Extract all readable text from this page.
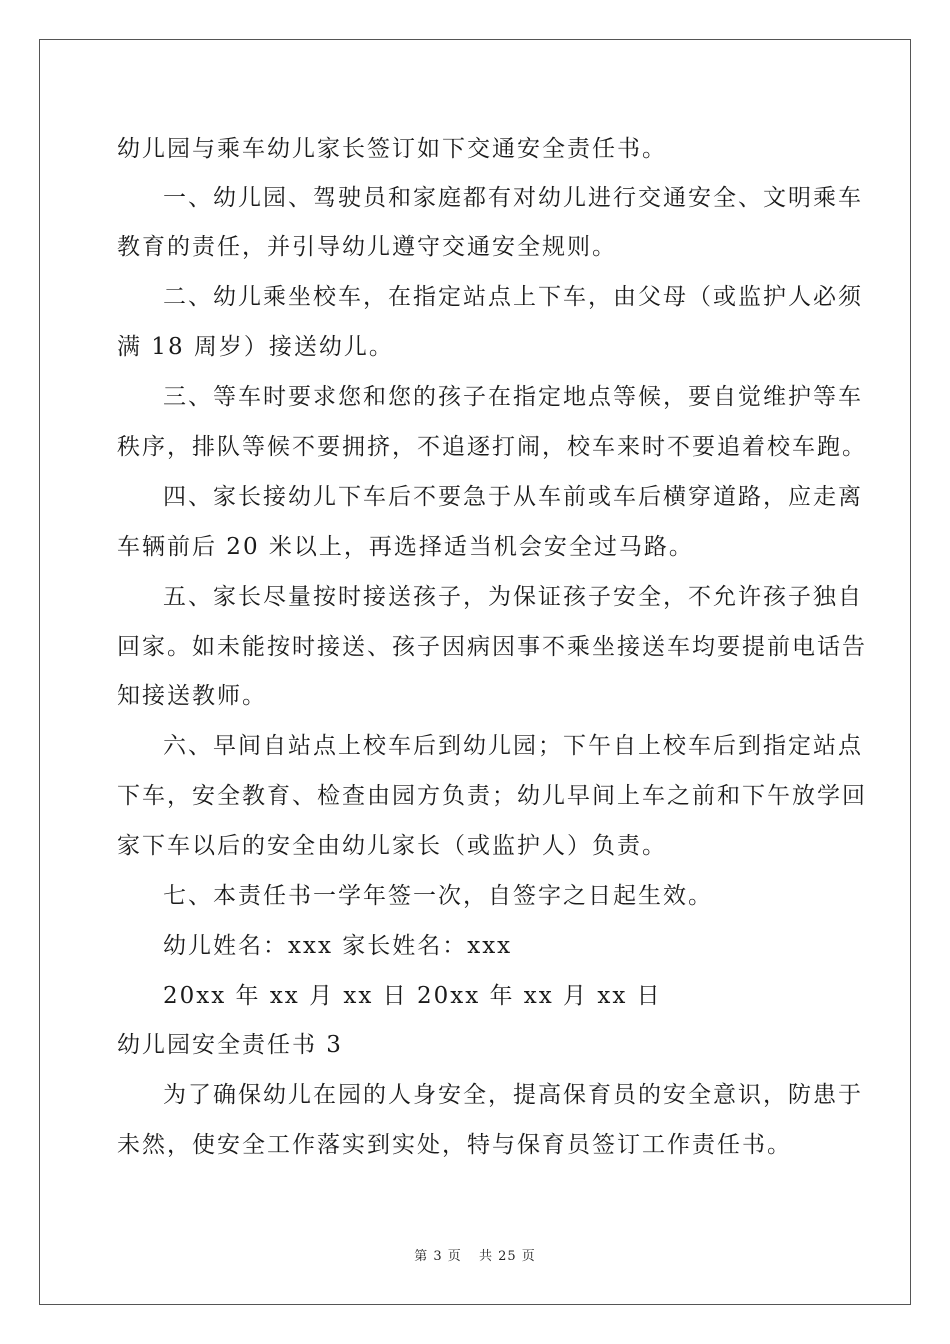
幼儿园与乘车幼儿家长签订如下交通安全责任书。
一、幼儿园、驾驶员和家庭都有对幼儿进行交通安全、文明乘车
教育的责任，并引导幼儿遵守交通安全规则。
二、幼儿乘坐校车，在指定站点上下车，由父母（或监护人必须
满 18 周岁）接送幼儿。
三、等车时要求您和您的孩子在指定地点等候，要自觉维护等车
秩序，排队等候不要拥挤，不追逐打闹，校车来时不要追着校车跑。
四、家长接幼儿下车后不要急于从车前或车后横穿道路，应走离
车辆前后 20 米以上，再选择适当机会安全过马路。
五、家长尽量按时接送孩子，为保证孩子安全，不允许孩子独自
回家。如未能按时接送、孩子因病因事不乘坐接送车均要提前电话告
知接送教师。
六、早间自站点上校车后到幼儿园；下午自上校车后到指定站点
下车，安全教育、检查由园方负责；幼儿早间上车之前和下午放学回
家下车以后的安全由幼儿家长（或监护人）负责。
七、本责任书一学年签一次，自签字之日起生效。
幼儿姓名：xxx 家长姓名：xxx
20xx 年 xx 月 xx 日 20xx 年 xx 月 xx 日
幼儿园安全责任书 3
为了确保幼儿在园的人身安全，提高保育员的安全意识，防患于
未然，使安全工作落实到实处，特与保育员签订工作责任书。
第 3 页 共 25 页
